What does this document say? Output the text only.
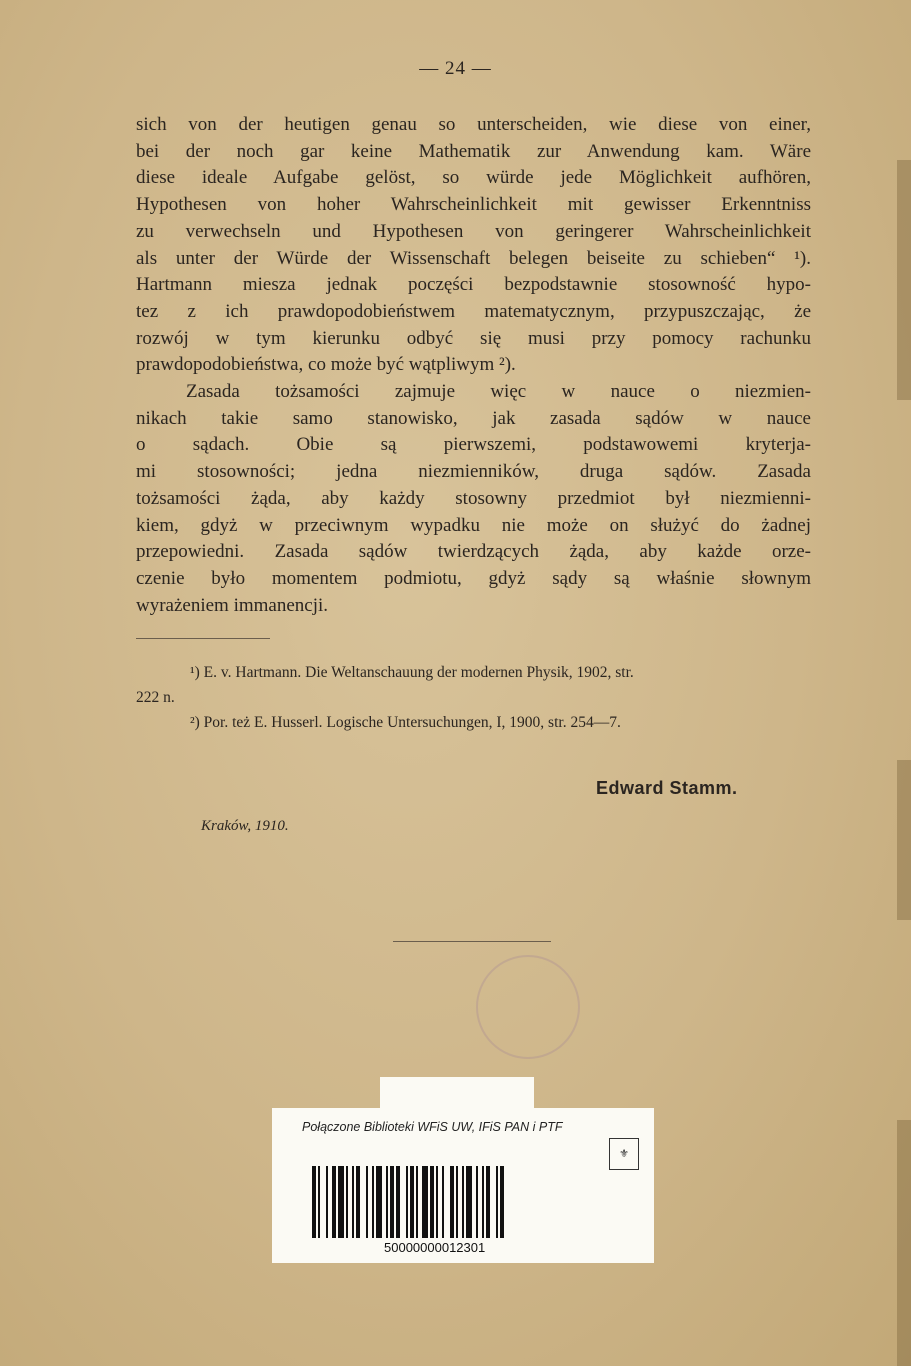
— 24 —
sich von der heutigen genau so unterscheiden, wie diese von einer,
bei der noch gar keine Mathematik zur Anwendung kam. Wäre
diese ideale Aufgabe gelöst, so würde jede Möglichkeit aufhören,
Hypothesen von hoher Wahrscheinlichkeit mit gewisser Erkenntniss
zu verwechseln und Hypothesen von geringerer Wahrscheinlichkeit
als unter der Würde der Wissenschaft belegen beiseite zu schieben“ ¹).
Hartmann miesza jednak poczęści bezpodstawnie stosowność hypo-
tez z ich prawdopodobieństwem matematycznym, przypuszczając, że
rozwój w tym kierunku odbyć się musi przy pomocy rachunku
prawdopodobieństwa, co może być wątpliwym ²).
Zasada tożsamości zajmuje więc w nauce o niezmien-
nikach takie samo stanowisko, jak zasada sądów w nauce
o sądach. Obie są pierwszemi, podstawowemi kryterja-
mi stosowności; jedna niezmienników, druga sądów. Zasada
tożsamości żąda, aby każdy stosowny przedmiot był niezmienni-
kiem, gdyż w przeciwnym wypadku nie może on służyć do żadnej
przepowiedni. Zasada sądów twierdzących żąda, aby każde orze-
czenie było momentem podmiotu, gdyż sądy są właśnie słownym
wyrażeniem immanencji.
¹) E. v. Hartmann. Die Weltanschauung der modernen Physik, 1902, str.
222 n.
²) Por. też E. Husserl. Logische Untersuchungen, I, 1900, str. 254—7.
Edward Stamm.
Kraków, 1910.
Połączone Biblioteki WFiS UW, IFiS PAN i PTF
⚜
50000000012301
